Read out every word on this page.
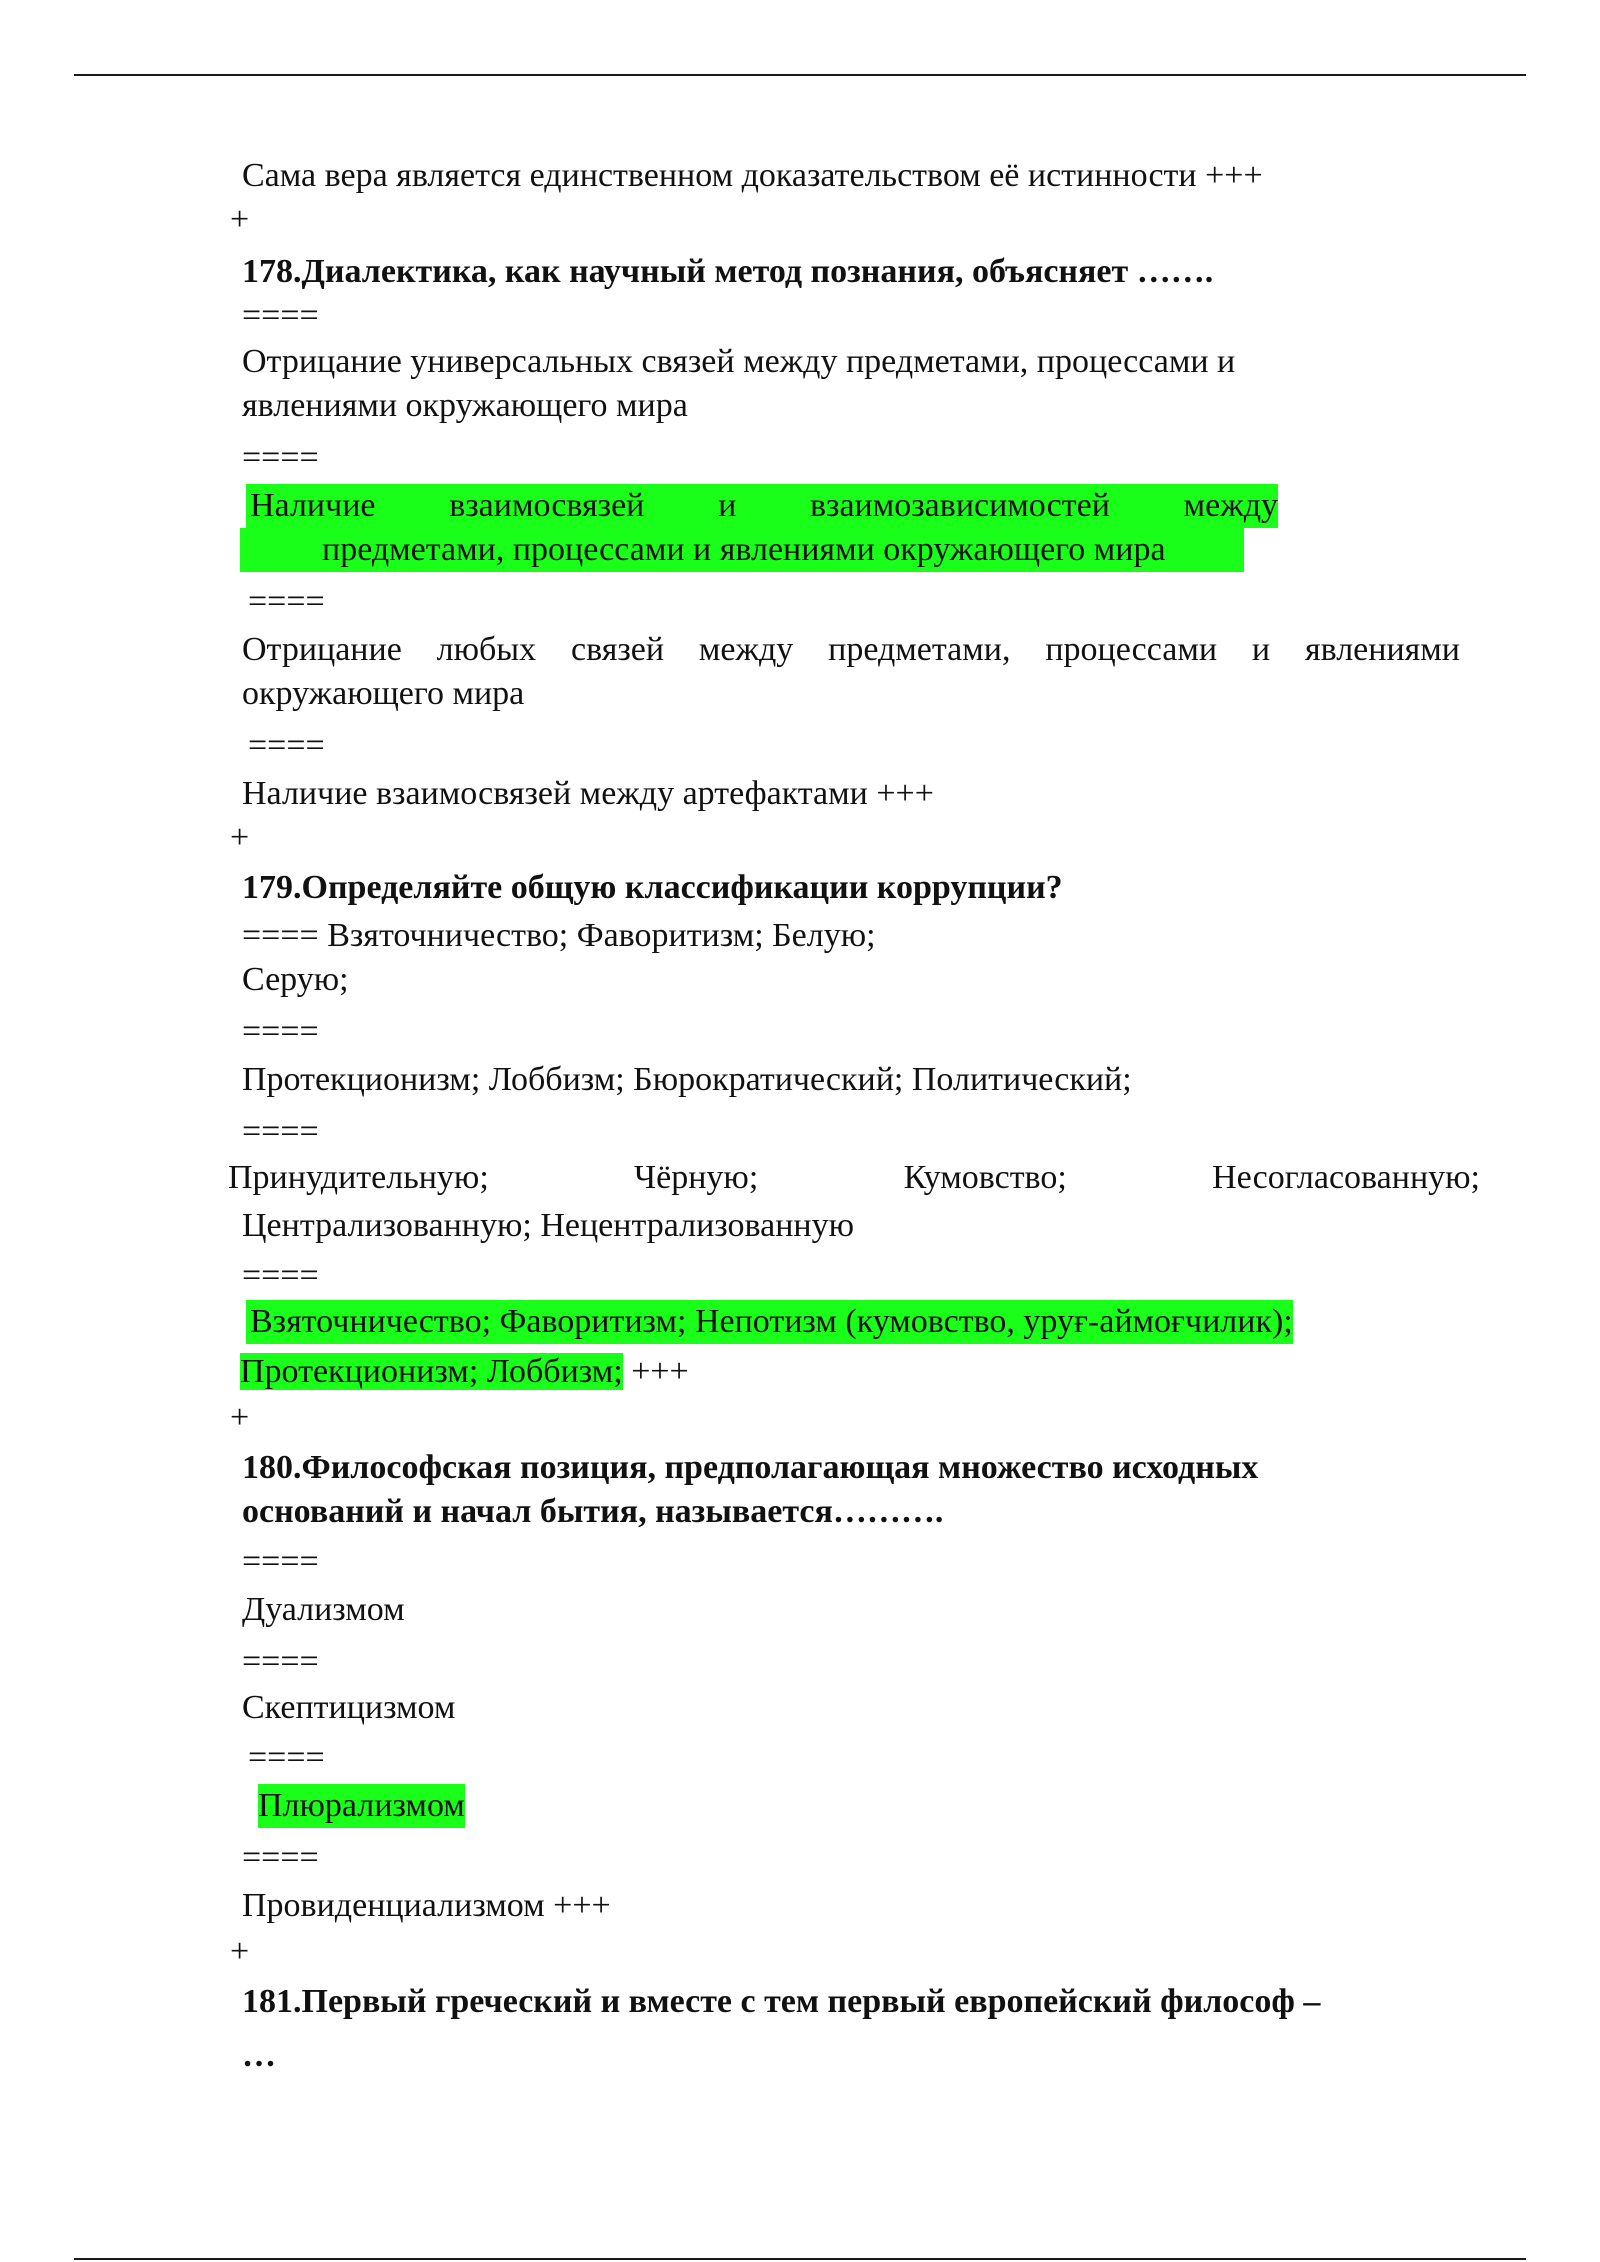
Сама вера является единственном доказательством её истинности +++
+
178.Диалектика, как научный метод познания, объясняет …….
====
Отрицание универсальных связей между предметами, процессами и
явлениями окружающего мира
====
Наличие взаимосвязей и взаимозависимостей между
предметами, процессами и явлениями окружающего мира
====
Отрицание любых связей между предметами, процессами и явлениями
окружающего мира
====
Наличие взаимосвязей между артефактами +++
+
179.Определяйте общую классификации коррупции?
==== Взяточничество; Фаворитизм; Белую;
Серую;
====
Протекционизм; Лоббизм; Бюрократический; Политический;
====
Принудительную;	Чёрную;	Кумовство;	Несогласованную;
Централизованную; Нецентрализованную
====
Взяточничество; Фаворитизм; Непотизм (кумовство, уруғ-аймоғчилик);
Протекционизм; Лоббизм; +++
+
180.Философская позиция, предполагающая множество исходных
оснований и начал бытия, называется……….
====
Дуализмом
====
Скептицизмом
====
Плюрализмом
====
Провиденциализмом +++
+
181.Первый греческий и вместе с тем первый европейский философ –
…
